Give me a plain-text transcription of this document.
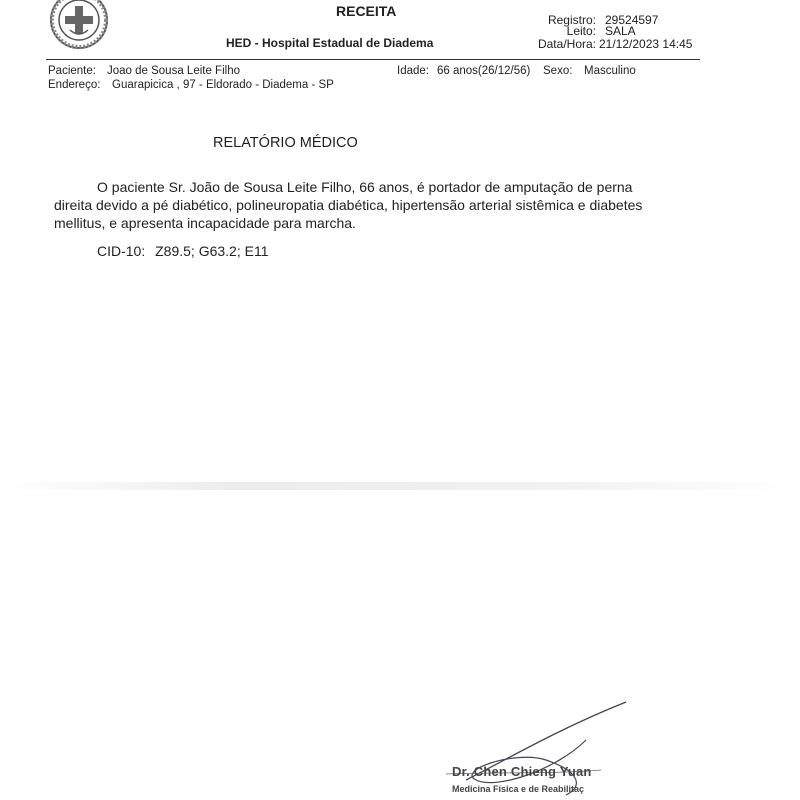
RECEITA
HED - Hospital Estadual de Diadema
Registro: 29524597
Leito: SALA
Data/Hora: 21/12/2023 14:45
Paciente: Joao de Sousa Leite Filho
Endereço: Guarapicica , 97 - Eldorado - Diadema - SP
Idade: 66 anos(26/12/56) Sexo: Masculino
RELATÓRIO MÉDICO
O paciente Sr. João de Sousa Leite Filho, 66 anos, é portador de amputação de perna
direita devido a pé diabético, polineuropatia diabética, hipertensão arterial sistêmica e diabetes
mellitus, e apresenta incapacidade para marcha.
CID-10: Z89.5; G63.2; E11
Dr. Chen Chieng Yuan
Medicina Física e de Reabilitaç
